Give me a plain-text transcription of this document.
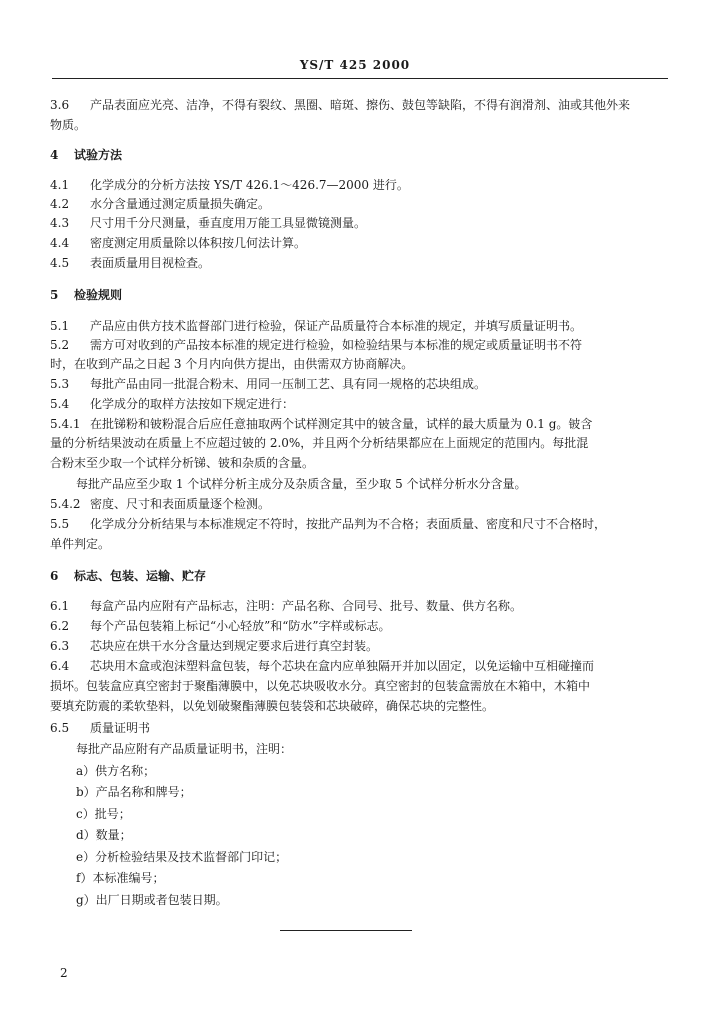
YS/T 425 2000
3.6 产品表面应光亮、洁净，不得有裂纹、黑圈、暗斑、擦伤、鼓包等缺陷，不得有润滑剂、油或其他外来
物质。
4 试验方法
4.1 化学成分的分析方法按 YS/T 426.1～426.7—2000 进行。
4.2 水分含量通过测定质量损失确定。
4.3 尺寸用千分尺测量，垂直度用万能工具显微镜测量。
4.4 密度测定用质量除以体积按几何法计算。
4.5 表面质量用目视检查。
5 检验规则
5.1 产品应由供方技术监督部门进行检验，保证产品质量符合本标准的规定，并填写质量证明书。
5.2 需方可对收到的产品按本标准的规定进行检验，如检验结果与本标准的规定或质量证明书不符
时，在收到产品之日起 3 个月内向供方提出，由供需双方协商解决。
5.3 每批产品由同一批混合粉末、用同一压制工艺、具有同一规格的芯块组成。
5.4 化学成分的取样方法按如下规定进行：
5.4.1 在批锑粉和铍粉混合后应任意抽取两个试样测定其中的铍含量，试样的最大质量为 0.1 g。铍含
量的分析结果波动在质量上不应超过铍的 2.0%，并且两个分析结果都应在上面规定的范围内。每批混
合粉末至少取一个试样分析锑、铍和杂质的含量。
每批产品应至少取 1 个试样分析主成分及杂质含量，至少取 5 个试样分析水分含量。
5.4.2 密度、尺寸和表面质量逐个检测。
5.5 化学成分分析结果与本标准规定不符时，按批产品判为不合格；表面质量、密度和尺寸不合格时，
单件判定。
6 标志、包装、运输、贮存
6.1 每盒产品内应附有产品标志，注明：产品名称、合同号、批号、数量、供方名称。
6.2 每个产品包装箱上标记“小心轻放”和“防水”字样或标志。
6.3 芯块应在烘干水分含量达到规定要求后进行真空封装。
6.4 芯块用木盒或泡沫塑料盒包装，每个芯块在盒内应单独隔开并加以固定，以免运输中互相碰撞而
损坏。包装盒应真空密封于聚酯薄膜中，以免芯块吸收水分。真空密封的包装盒需放在木箱中，木箱中
要填充防震的柔软垫料，以免划破聚酯薄膜包装袋和芯块破碎，确保芯块的完整性。
6.5 质量证明书
每批产品应附有产品质量证明书，注明：
a）供方名称；
b）产品名称和牌号；
c）批号；
d）数量；
e）分析检验结果及技术监督部门印记；
f）本标准编号；
g）出厂日期或者包装日期。
2
